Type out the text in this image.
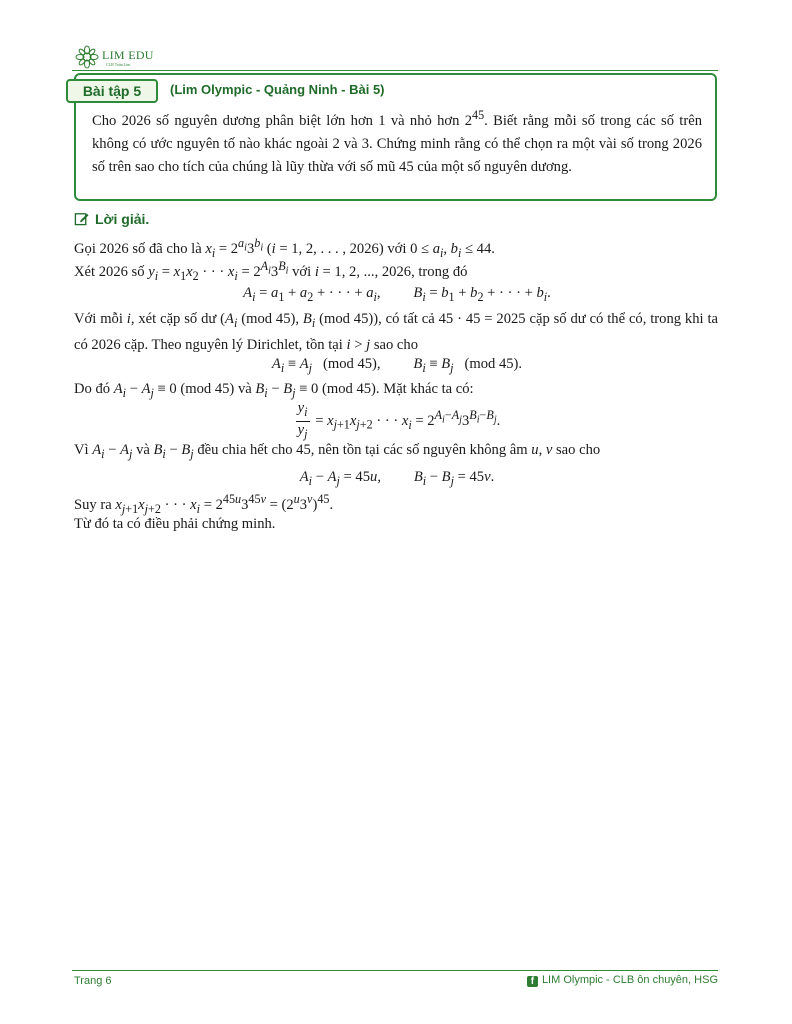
LIM EDU
CLB Toán Lim
Bài tập 5	(Lim Olympic - Quảng Ninh - Bài 5)

Cho 2026 số nguyên dương phân biệt lớn hơn 1 và nhỏ hơn $2^{45}$. Biết rằng mỗi số trong các số trên không có ước nguyên tố nào khác ngoài 2 và 3. Chứng minh rằng có thể chọn ra một vài số trong 2026 số trên sao cho tích của chúng là lũy thừa với số mũ 45 của một số nguyên dương.

Lời giải.
Gọi 2026 số đã cho là $x_i = 2^{a_i}3^{b_i}$ (i = 1, 2, . . . , 2026) với $0 \le a_i$, $b_i \le 44$.
Xét 2026 số $y_i = x_1x_2$ · · · $x_i = 2^{A_i}3^{B_i}$ với i = 1, 2, ..., 2026, trong đó
$A_i = a_1 + a_2$ + · · · + $a_i$,         $B_i = b_1 + b_2$ + · · · + $b_i$.

Với mỗi i, xét cặp số dư ($A_i$ (mod 45), $B_i$ (mod 45)), có tất cả 45 · 45 = 2025 cặp số dư có thể có, trong khi ta có 2026 cặp. Theo nguyên lý Dirichlet, tồn tại i > j sao cho

$A_i \equiv A_j$   (mod 45),         $B_i \equiv B_j$   (mod 45).
Do đó $A_i - A_j \equiv 0$ (mod 45) và $B_i - B_j \equiv 0$ (mod 45). Mặt khác ta có:
$\frac{y_i}{y_j} = x_{j+1}x_{j+2}$ · · · $x_i = 2^{A_i-A_j}3^{B_i-B_j}$.
Vì $A_i - A_j$ và $B_i - B_j$ đều chia hết cho 45, nên tồn tại các số nguyên không âm u, v sao cho
$A_i - A_j = 45u$,         $B_i - B_j = 45v$.
Suy ra $x_{j+1}x_{j+2}$ · · · $x_i = 2^{45u}3^{45v} = (2^u3^v)^{45}$.
Từ đó ta có điều phải chứng minh.
Trang 6	f LIM Olympic - CLB ôn chuyên, HSG
